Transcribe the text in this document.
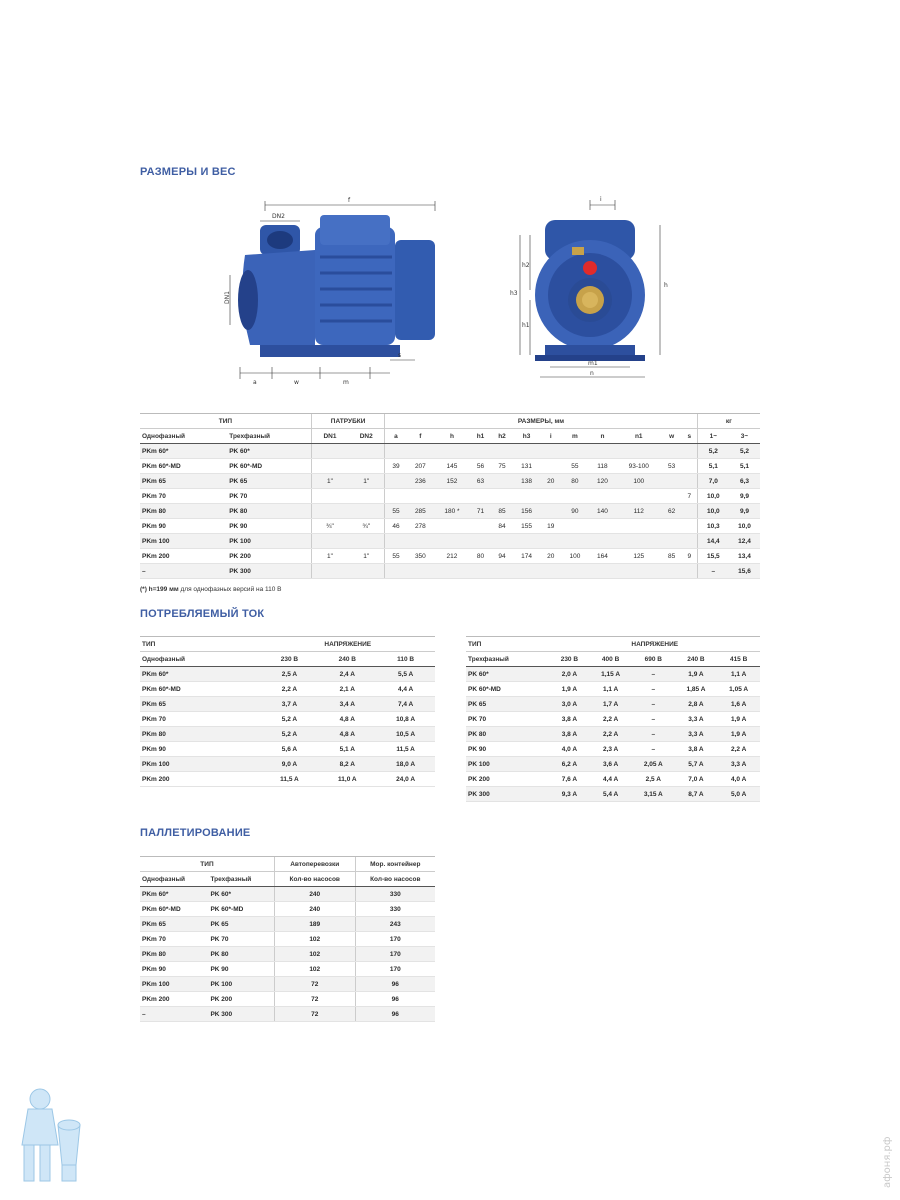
РАЗМЕРЫ И ВЕС
f
DN2
DN1
a	w	m
s
i
h2
h3
h1
h
m1
n
ТИП		ПАТРУБКИ		РАЗМЕРЫ, мм												кг	
Однофазный	Трехфазный	DN1	DN2	a	f	h	h1	h2	h3	i	m	n	n1	w	s	1~	3~
PKm 60*	PK 60*															5,2	5,2
PKm 60*-MD	PK 60*-MD			39	207	145	56	75	131		55	118	93-100	53		5,1	5,1
PKm 65	PK 65	1"	1"		236	152	63		138	20	80	120	100			7,0	6,3
PKm 70	PK 70														7	10,0	9,9
PKm 80	PK 80			55	285	180 *	71	85	156		90	140	112	62		10,0	9,9
PKm 90	PK 90	¾"	¾"	46	278			84	155	19						10,3	10,0
PKm 100	PK 100															14,4	12,4
PKm 200	PK 200	1"	1"	55	350	212	80	94	174	20	100	164	125	85	9	15,5	13,4
–	PK 300															–	15,6
(*) h=199 мм для однофазных версий на 110 В
ПОТРЕБЛЯЕМЫЙ ТОК
ТИП	НАПРЯЖЕНИЕ		
Однофазный	230 В	240 В	110 В
PKm 60*	2,5 A	2,4 A	5,5 A
PKm 60*-MD	2,2 A	2,1 A	4,4 A
PKm 65	3,7 A	3,4 A	7,4 A
PKm 70	5,2 A	4,8 A	10,8 A
PKm 80	5,2 A	4,8 A	10,5 A
PKm 90	5,6 A	5,1 A	11,5 A
PKm 100	9,0 A	8,2 A	18,0 A
PKm 200	11,5 A	11,0 A	24,0 A
ТИП	НАПРЯЖЕНИЕ				
Трехфазный	230 В	400 В	690 В	240 В	415 В
PK 60*	2,0 A	1,15 A	–	1,9 A	1,1 A
PK 60*-MD	1,9 A	1,1 A	–	1,85 A	1,05 A
PK 65	3,0 A	1,7 A	–	2,8 A	1,6 A
PK 70	3,8 A	2,2 A	–	3,3 A	1,9 A
PK 80	3,8 A	2,2 A	–	3,3 A	1,9 A
PK 90	4,0 A	2,3 A	–	3,8 A	2,2 A
PK 100	6,2 A	3,6 A	2,05 A	5,7 A	3,3 A
PK 200	7,6 A	4,4 A	2,5 A	7,0 A	4,0 A
PK 300	9,3 A	5,4 A	3,15 A	8,7 A	5,0 A
ПАЛЛЕТИРОВАНИЕ
ТИП		Автоперевозки	Мор. контейнер
Однофазный	Трехфазный	Кол-во насосов	Кол-во насосов
PKm 60*	PK 60*	240	330
PKm 60*-MD	PK 60*-MD	240	330
PKm 65	PK 65	189	243
PKm 70	PK 70	102	170
PKm 80	PK 80	102	170
PKm 90	PK 90	102	170
PKm 100	PK 100	72	96
PKm 200	PK 200	72	96
–	PK 300	72	96
афоня.рф
